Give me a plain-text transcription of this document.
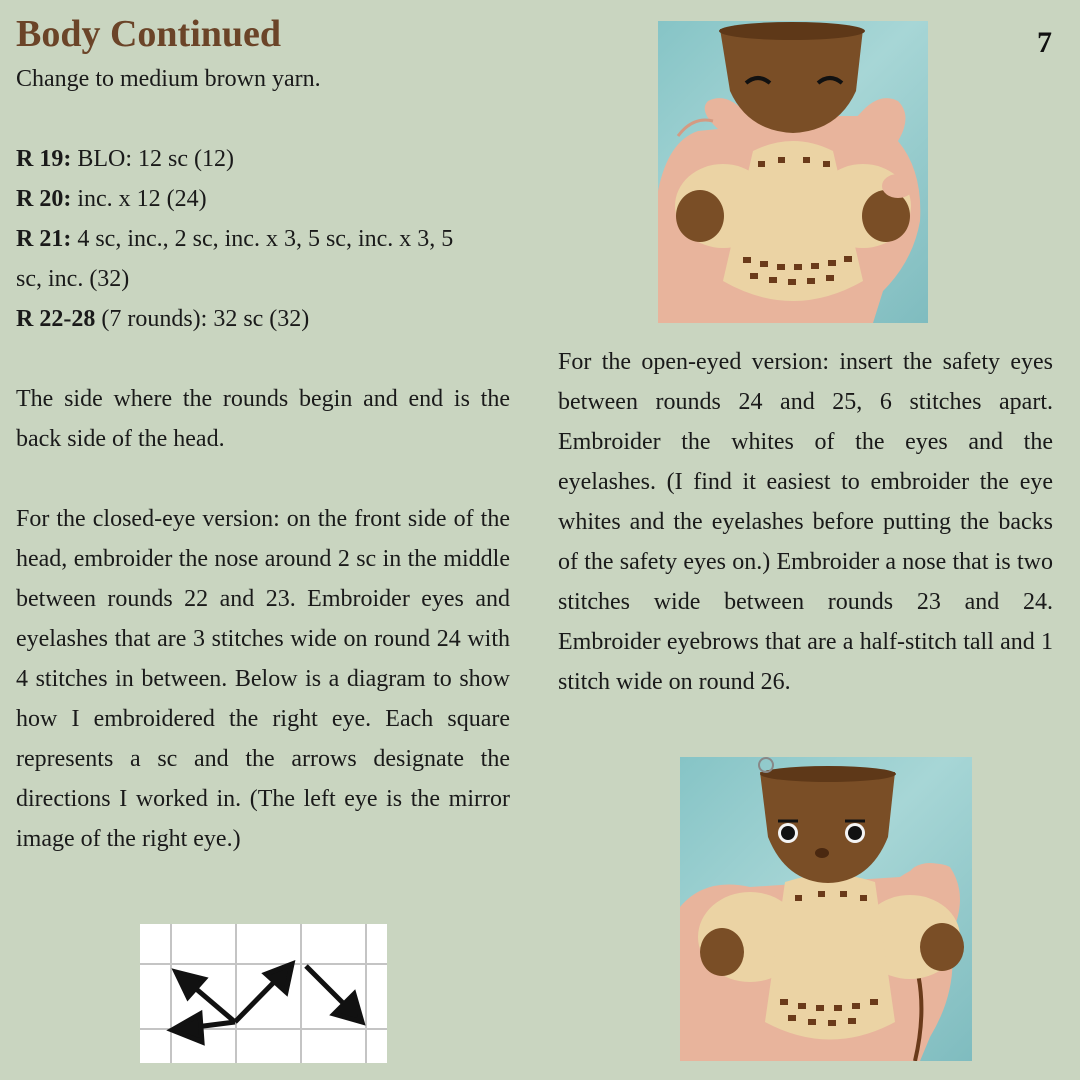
Body Continued	7

Change to medium brown yarn.

R 19: BLO: 12 sc (12)

R 20: inc. x 12 (24)

R 21: 4 sc, inc., 2 sc, inc. x 3, 5 sc, inc. x 3, 5
sc, inc. (32)

R 22-28 (7 rounds): 32 sc (32)

The side where the rounds begin and end is the back side of the head.

For the closed-eye version: on the front side of the head, embroider the nose around 2 sc in the middle between rounds 22 and 23. Embroider eyes and eyelashes that are 3 stitches wide on round 24 with 4 stitches in between. Below is a diagram to show how I embroidered the right eye. Each square represents a sc and the arrows designate the directions I worked in. (The left eye is the mirror image of the right eye.)

For the open-eyed version: insert the safety eyes between rounds 24 and 25, 6 stitches apart. Embroider the whites of the eyes and the eyelashes. (I find it easiest to embroider the eye whites and the eyelashes before putting the backs of the safety eyes on.) Embroider a nose that is two stitches wide between rounds 23 and 24. Embroider eyebrows that are a half-stitch tall and 1 stitch wide on round 26.
